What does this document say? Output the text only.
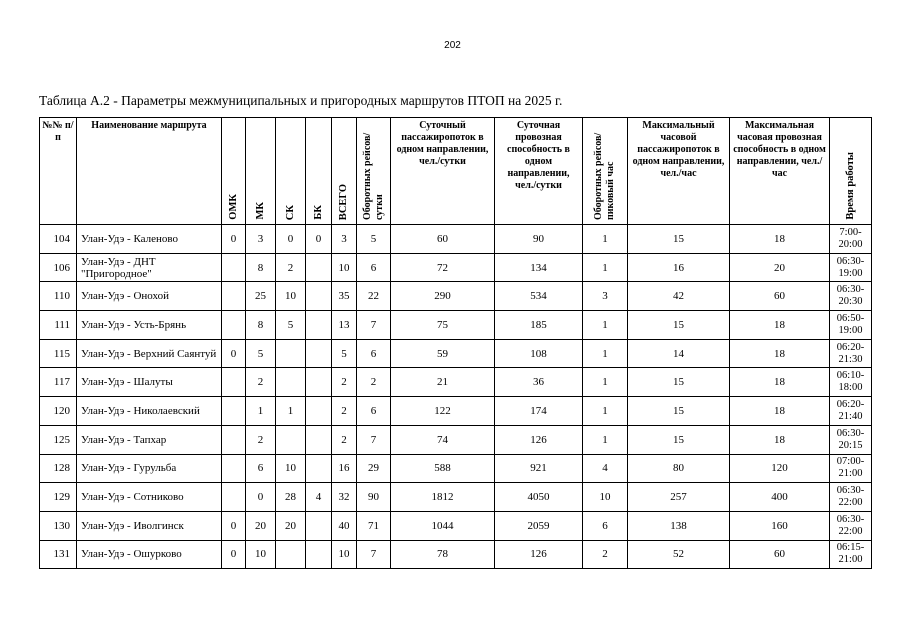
202
Таблица А.2 - Параметры межмуниципальных и пригородных маршрутов ПТОП на 2025 г.
№№ п/п	Наименование маршрута	ОМК	МК	СК	БК	ВСЕГО	Оборотных рейсов/сутки	Суточный пассажиропоток в одном направлении, чел./сутки	Суточная провозная способность в одном направлении, чел./сутки	Оборотных рейсов/ пиковый час	Максимальный часовой пассажиропоток в одном направлении, чел./час	Максимальная часовая провозная способность в одном направлении, чел./час	Время работы

104	Улан-Удэ - Каленово	0	3	0	0	3	5	60	90	1	15	18	7:00-20:00
106	Улан-Удэ - ДНТ "Пригородное"		8	2		10	6	72	134	1	16	20	06:30-19:00
110	Улан-Удэ - Онохой		25	10		35	22	290	534	3	42	60	06:30-20:30
111	Улан-Удэ - Усть-Брянь		8	5		13	7	75	185	1	15	18	06:50-19:00
115	Улан-Удэ - Верхний Саянтуй	0	5			5	6	59	108	1	14	18	06:20-21:30
117	Улан-Удэ - Шалуты		2			2	2	21	36	1	15	18	06:10-18:00
120	Улан-Удэ - Николаевский		1	1		2	6	122	174	1	15	18	06:20-21:40
125	Улан-Удэ - Тапхар		2			2	7	74	126	1	15	18	06:30-20:15
128	Улан-Удэ - Гурульба		6	10		16	29	588	921	4	80	120	07:00-21:00
129	Улан-Удэ - Сотниково		0	28	4	32	90	1812	4050	10	257	400	06:30-22:00
130	Улан-Удэ - Иволгинск	0	20	20		40	71	1044	2059	6	138	160	06:30-22:00
131	Улан-Удэ - Ошурково	0	10			10	7	78	126	2	52	60	06:15-21:00
